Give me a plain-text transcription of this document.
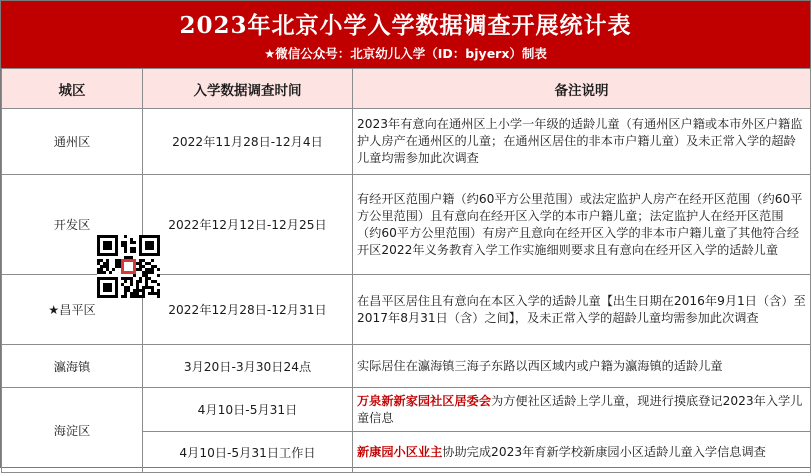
2023年北京小学入学数据调查开展统计表
★微信公众号：北京幼儿入学（ID：bjyerx）制表
城区	入学数据调查时间	备注说明
通州区	2022年11月28日-12月4日	2023年有意向在通州区上小学一年级的适龄儿童（有通州区户籍或本市外区户籍监护人房产在通州区的儿童；在通州区居住的非本市户籍儿童）及未正常入学的超龄儿童均需参加此次调查
开发区	2022年12月12日-12月25日	有经开区范围户籍（约60平方公里范围）或法定监护人房产在经开区范围（约60平方公里范围）且有意向在经开区入学的本市户籍儿童；法定监护人在经开区范围（约60平方公里范围）有房产且意向在经开区入学的非本市户籍儿童了其他符合经开区2022年义务教育入学工作实施细则要求且有意向在经开区入学的适龄儿童
★昌平区	2022年12月28日-12月31日	在昌平区居住且有意向在本区入学的适龄儿童【出生日期在2016年9月1日（含）至2017年8月31日（含）之间】，及未正常入学的超龄儿童均需参加此次调查
瀛海镇	3月20日-3月30日24点	实际居住在瀛海镇三海子东路以西区域内或户籍为瀛海镇的适龄儿童
海淀区	4月10日-5月31日	万泉新新家园社区居委会为方便社区适龄上学儿童，现进行摸底登记2023年入学儿童信息
	4月10日-5月31日工作日	新康园小区业主协助完成2023年育新学校新康园小区适龄儿童入学信息调查
